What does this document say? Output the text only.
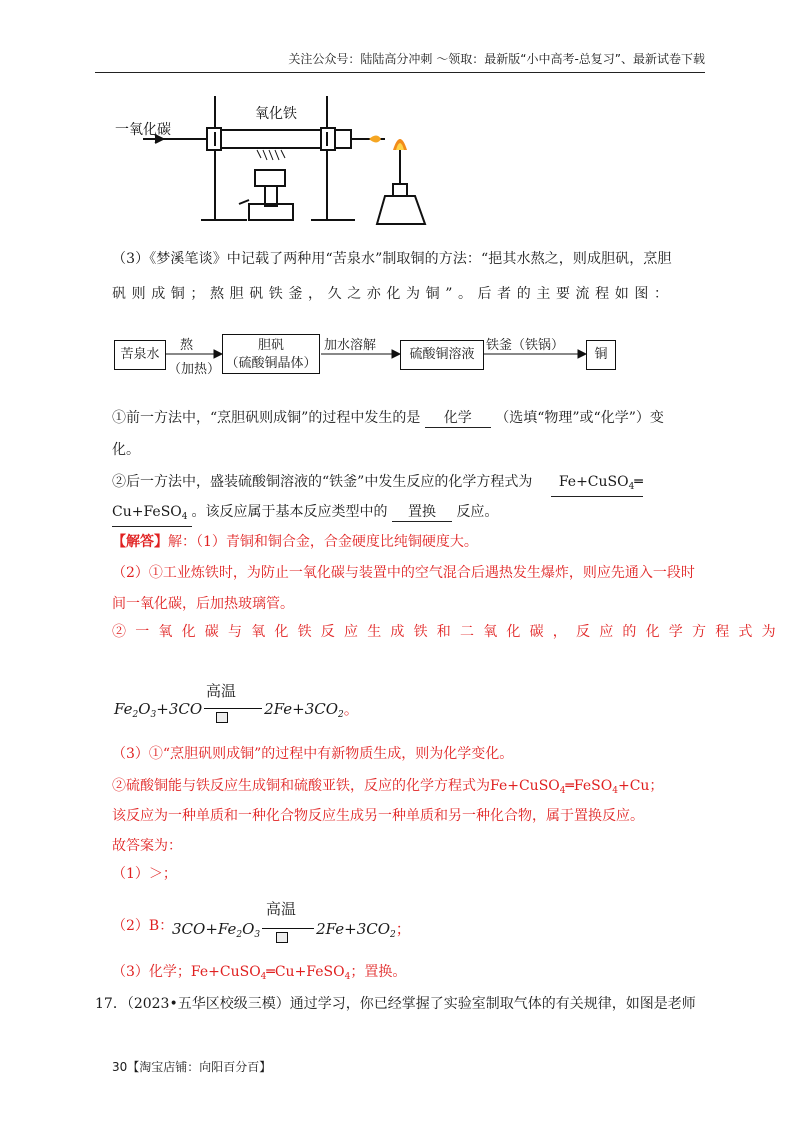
关注公众号：陆陆高分冲刺 〜领取：最新版“小中高考-总复习”、最新试卷下载
一氧化碳
氧化铁
（3）《梦溪笔谈》中记载了两种用“苦泉水”制取铜的方法：“挹其水熬之，则成胆矾，烹胆
矾则成铜；熬胆矾铁釜，久之亦化为铜”。后者的主要流程如图：
苦泉水
熬
（加热）
胆矾
（硫酸铜晶体）
加水溶解
硫酸铜溶液
铁釜（铁锅）
铜
①前一方法中，“烹胆矾则成铜”的过程中发生的是 化学 （选填“物理”或“化学”）变
化。
②后一方法中，盛装硫酸铜溶液的“铁釜”中发生反应的化学方程式为 Fe+CuSO$_4$═
Cu+FeSO$_4$ 。该反应属于基本反应类型中的 置换 反应。
【解答】解：（1）青铜和铜合金，合金硬度比纯铜硬度大。
（2）①工业炼铁时，为防止一氧化碳与装置中的空气混合后遇热发生爆炸，则应先通入一段时
间一氧化碳，后加热玻璃管。
②一氧化碳与氧化铁反应生成铁和二氧化碳，反应的化学方程式为
高温
$Fe_2O_3+3CO$	$2Fe+3CO_2$。
（3）①“烹胆矾则成铜”的过程中有新物质生成，则为化学变化。
②硫酸铜能与铁反应生成铜和硫酸亚铁，反应的化学方程式为Fe+CuSO$_4$═FeSO$_4$+Cu；
该反应为一种单质和一种化合物反应生成另一种单质和另一种化合物，属于置换反应。
故答案为：
（1）＞；
（2）B：
高温
$3CO+Fe_2O_3$	$2Fe+3CO_2$；
（3）化学；Fe+CuSO$_4$═Cu+FeSO$_4$；置换。
17．（2023•五华区校级三模）通过学习，你已经掌握了实验室制取气体的有关规律，如图是老师
30【淘宝店铺：向阳百分百】
